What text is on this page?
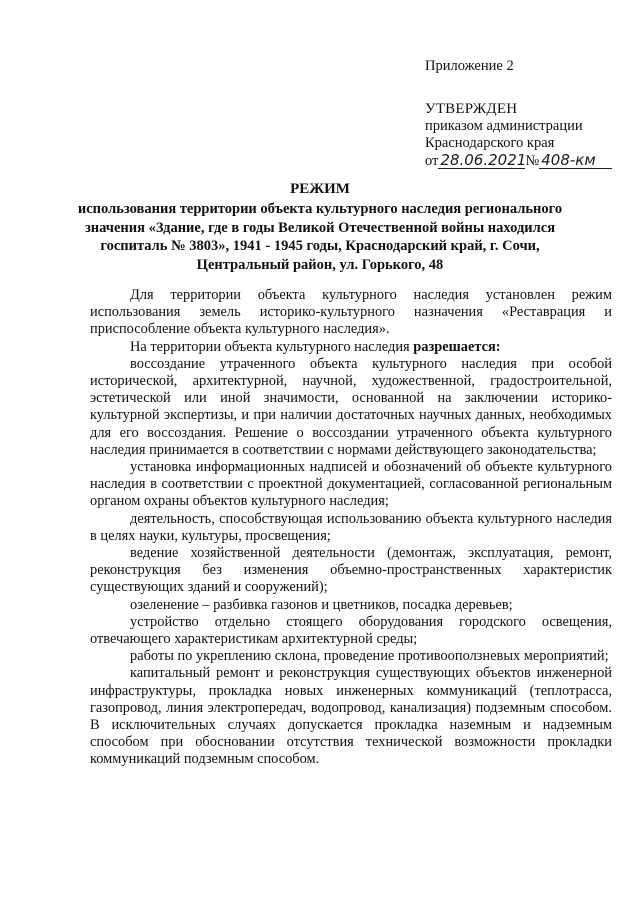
Приложение 2
УТВЕРЖДЕН
приказом администрации
Краснодарского края
от 28.06.2021№ 408-км
РЕЖИМ
использования территории объекта культурного наследия регионального значения «Здание, где в годы Великой Отечественной войны находился госпиталь № 3803», 1941 - 1945 годы, Краснодарский край, г. Сочи, Центральный район, ул. Горького, 48

Для территории объекта культурного наследия установлен режим использования земель историко-культурного назначения «Реставрация и приспособление объекта культурного наследия».

На территории объекта культурного наследия разрешается:

воссоздание утраченного объекта культурного наследия при особой исторической, архитектурной, научной, художественной, градостроительной, эстетической или иной значимости, основанной на заключении историко-культурной экспертизы, и при наличии достаточных научных данных, необходимых для его воссоздания. Решение о воссоздании утраченного объекта культурного наследия принимается в соответствии с нормами действующего законодательства;

установка информационных надписей и обозначений об объекте культурного наследия в соответствии с проектной документацией, согласованной региональным органом охраны объектов культурного наследия;

деятельность, способствующая использованию объекта культурного наследия в целях науки, культуры, просвещения;

ведение хозяйственной деятельности (демонтаж, эксплуатация, ремонт, реконструкция без изменения объемно-пространственных характеристик существующих зданий и сооружений);

озеленение – разбивка газонов и цветников, посадка деревьев;

устройство отдельно стоящего оборудования городского освещения, отвечающего характеристикам архитектурной среды;

работы по укреплению склона, проведение противооползневых мероприятий;

капитальный ремонт и реконструкция существующих объектов инженерной инфраструктуры, прокладка новых инженерных коммуникаций (теплотрасса, газопровод, линия электропередач, водопровод, канализация) подземным способом. В исключительных случаях допускается прокладка наземным и надземным способом при обосновании отсутствия технической возможности прокладки коммуникаций подземным способом.
